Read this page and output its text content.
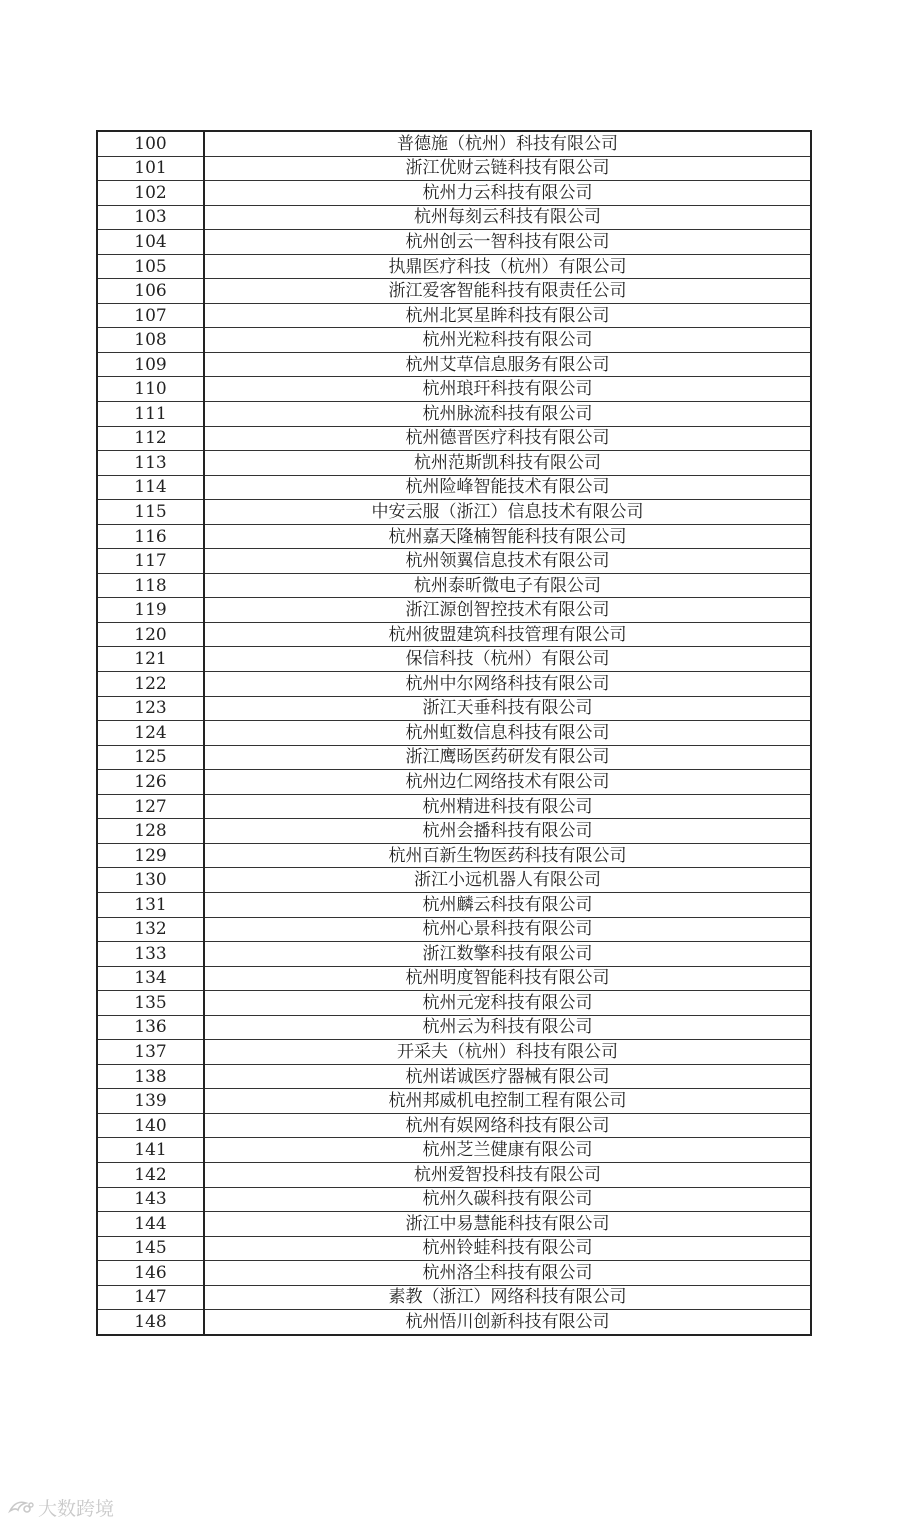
100	普德施（杭州）科技有限公司
101	浙江优财云链科技有限公司
102	杭州力云科技有限公司
103	杭州每刻云科技有限公司
104	杭州创云一智科技有限公司
105	执鼎医疗科技（杭州）有限公司
106	浙江爱客智能科技有限责任公司
107	杭州北冥星眸科技有限公司
108	杭州光粒科技有限公司
109	杭州艾草信息服务有限公司
110	杭州琅玕科技有限公司
111	杭州脉流科技有限公司
112	杭州德晋医疗科技有限公司
113	杭州范斯凯科技有限公司
114	杭州险峰智能技术有限公司
115	中安云服（浙江）信息技术有限公司
116	杭州嘉天隆楠智能科技有限公司
117	杭州领翼信息技术有限公司
118	杭州泰昕微电子有限公司
119	浙江源创智控技术有限公司
120	杭州彼盟建筑科技管理有限公司
121	保信科技（杭州）有限公司
122	杭州中尔网络科技有限公司
123	浙江天垂科技有限公司
124	杭州虹数信息科技有限公司
125	浙江鹰旸医药研发有限公司
126	杭州边仁网络技术有限公司
127	杭州精进科技有限公司
128	杭州会播科技有限公司
129	杭州百新生物医药科技有限公司
130	浙江小远机器人有限公司
131	杭州麟云科技有限公司
132	杭州心景科技有限公司
133	浙江数擎科技有限公司
134	杭州明度智能科技有限公司
135	杭州元宠科技有限公司
136	杭州云为科技有限公司
137	开采夫（杭州）科技有限公司
138	杭州诺诚医疗器械有限公司
139	杭州邦威机电控制工程有限公司
140	杭州有娱网络科技有限公司
141	杭州芝兰健康有限公司
142	杭州爱智投科技有限公司
143	杭州久碳科技有限公司
144	浙江中易慧能科技有限公司
145	杭州铃蛙科技有限公司
146	杭州洛尘科技有限公司
147	素教（浙江）网络科技有限公司
148	杭州悟川创新科技有限公司
大数跨境
